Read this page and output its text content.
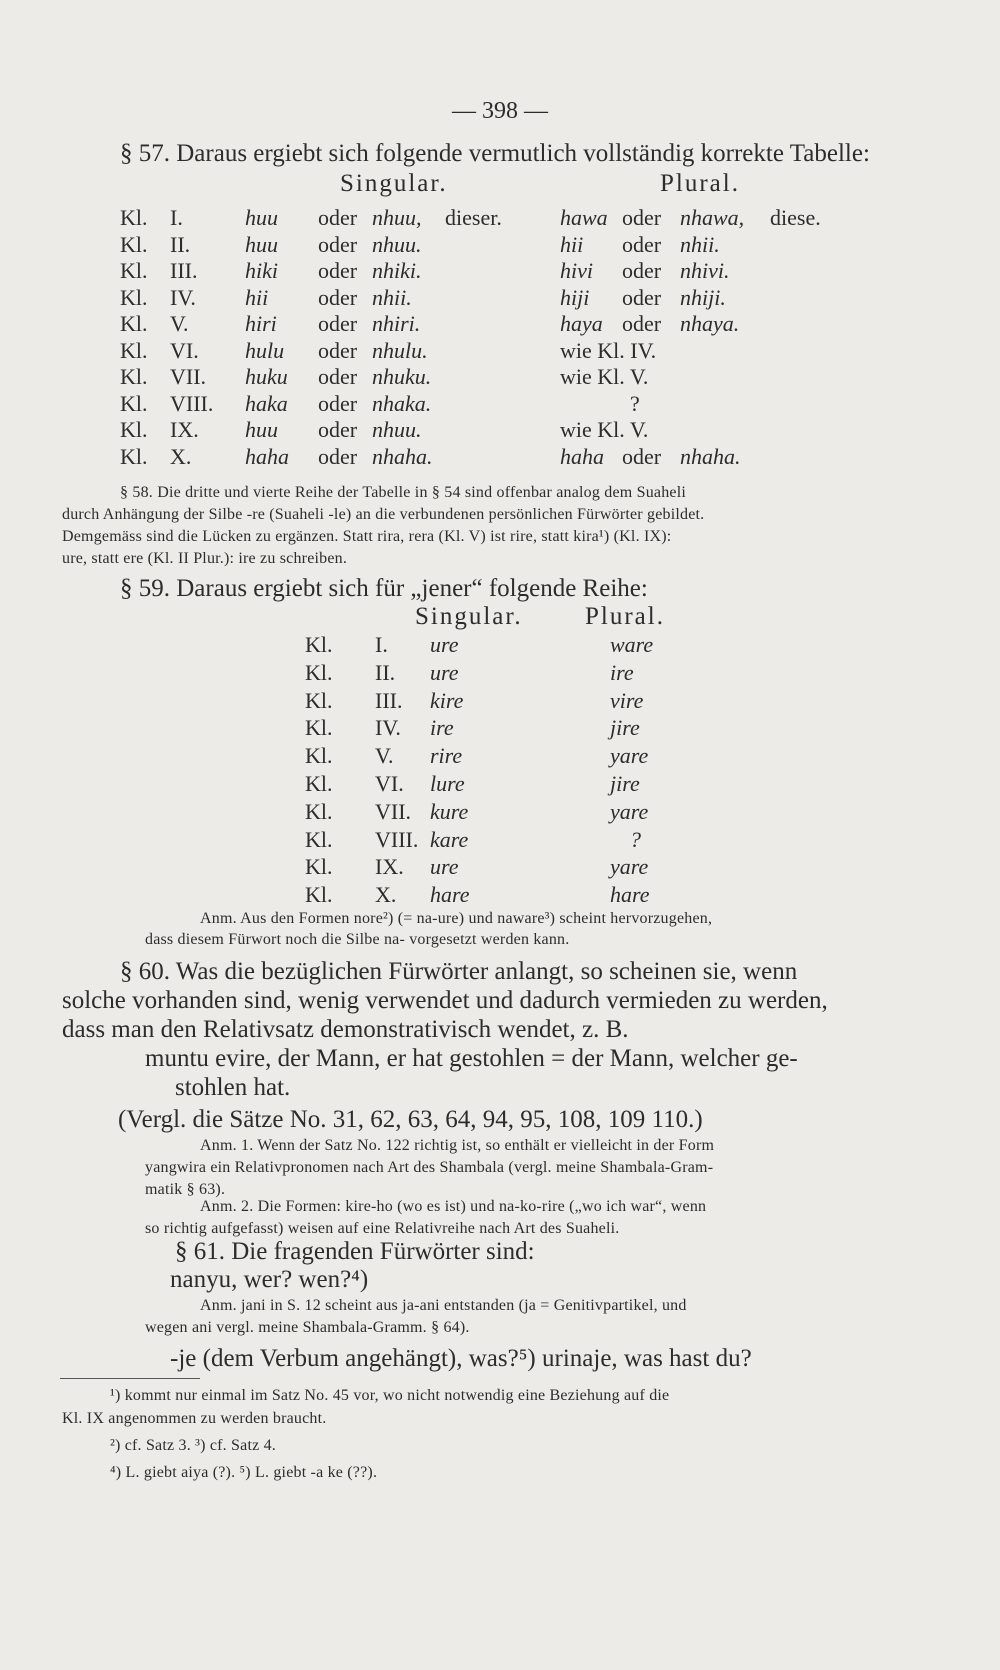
— 398 —
§ 57. Daraus ergiebt sich folgende vermutlich vollständig korrekte Tabelle:
Singular.	Plural.
Kl. I.	huu oder nhuu, dieser.	hawa oder nhawa, diese.
Kl. II. huu oder nhuu.	hii oder nhii.
Kl. III. hiki oder nhiki.	hivi oder nhivi.
Kl. IV. hii oder nhii.	hiji oder nhiji.
Kl. V.	hiri oder nhiri.	haya oder nhaya.
Kl. VI. hulu oder nhulu.	wie Kl. IV.
Kl. VII. huku oder nhuku.	wie Kl. V.
Kl. VIII. haka oder nhaka.	?
Kl. IX. huu oder nhuu.	wie Kl. V.
Kl. X. haha oder nhaha.	haha oder nhaha.
§ 58. Die dritte und vierte Reihe der Tabelle in § 54 sind offenbar analog dem Suaheli
durch Anhängung der Silbe -re (Suaheli -le) an die verbundenen persönlichen Fürwörter gebildet.
Demgemäss sind die Lücken zu ergänzen. Statt rira, rera (Kl. V) ist rire, statt kira¹) (Kl. IX):
ure, statt ere (Kl. II Plur.): ire zu schreiben.
§ 59. Daraus ergiebt sich für „jener“ folgende Reihe:
Singular. Plural.
Kl. I. ure	ware
Kl. II. ure	ire
Kl. III. kire	vire
Kl. IV. ire	jire
Kl. V. rire	yare
Kl. VI. lure	jire
Kl. VII. kure	yare
Kl. VIII. kare	?
Kl. IX. ure	yare
Kl. X. hare	hare
Anm. Aus den Formen nore²) (= na-ure) und naware³) scheint hervorzugehen,
dass diesem Fürwort noch die Silbe na- vorgesetzt werden kann.
§ 60. Was die bezüglichen Fürwörter anlangt, so scheinen sie, wenn
solche vorhanden sind, wenig verwendet und dadurch vermieden zu werden,
dass man den Relativsatz demonstrativisch wendet, z. B.
muntu evire, der Mann, er hat gestohlen = der Mann, welcher ge-
stohlen hat.
(Vergl. die Sätze No. 31, 62, 63, 64, 94, 95, 108, 109 110.)
Anm. 1. Wenn der Satz No. 122 richtig ist, so enthält er vielleicht in der Form
yangwira ein Relativpronomen nach Art des Shambala (vergl. meine Shambala-Gram-
matik § 63).
Anm. 2. Die Formen: kire-ho (wo es ist) und na-ko-rire („wo ich war“, wenn
so richtig aufgefasst) weisen auf eine Relativreihe nach Art des Suaheli.
§ 61. Die fragenden Fürwörter sind:
nanyu, wer? wen?⁴)
Anm. jani in S. 12 scheint aus ja-ani entstanden (ja = Genitivpartikel, und
wegen ani vergl. meine Shambala-Gramm. § 64).
-je (dem Verbum angehängt), was?⁵) urinaje, was hast du?
¹) kommt nur einmal im Satz No. 45 vor, wo nicht notwendig eine Beziehung auf die
Kl. IX angenommen zu werden braucht.
²) cf. Satz 3. ³) cf. Satz 4.
⁴) L. giebt aiya (?). ⁵) L. giebt -a ke (??).
